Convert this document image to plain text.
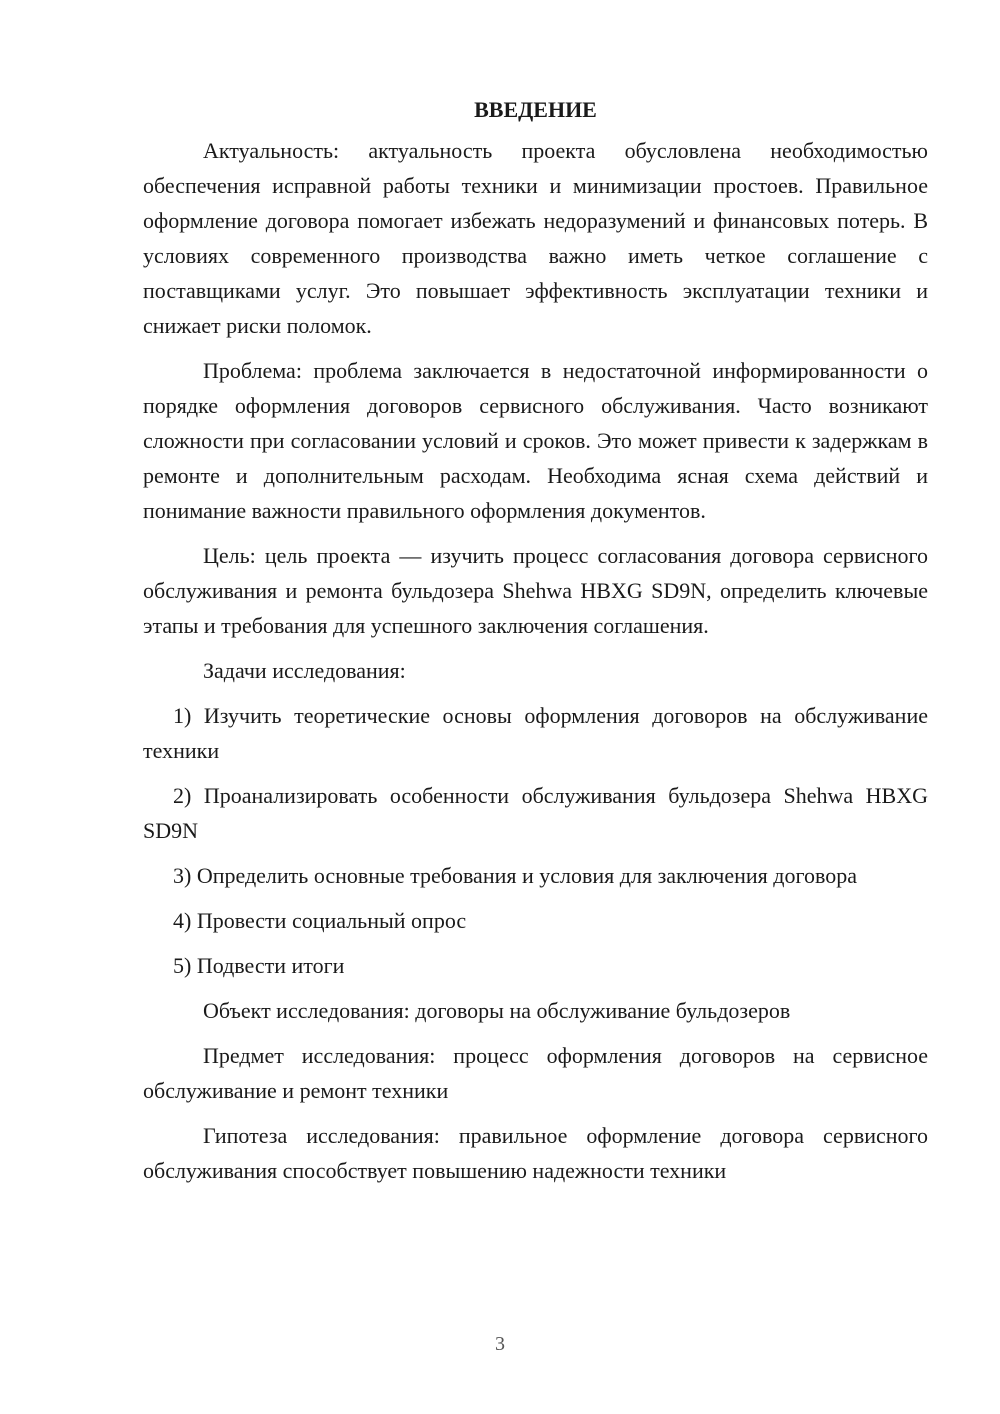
ВВЕДЕНИЕ

Актуальность: актуальность проекта обусловлена необходимостью обеспечения исправной работы техники и минимизации простоев. Правильное оформление договора помогает избежать недоразумений и финансовых потерь. В условиях современного производства важно иметь четкое соглашение с поставщиками услуг. Это повышает эффективность эксплуатации техники и снижает риски поломок.

Проблема: проблема заключается в недостаточной информированности о порядке оформления договоров сервисного обслуживания. Часто возникают сложности при согласовании условий и сроков. Это может привести к задержкам в ремонте и дополнительным расходам. Необходима ясная схема действий и понимание важности правильного оформления документов.

Цель: цель проекта — изучить процесс согласования договора сервисного обслуживания и ремонта бульдозера Shehwa HBXG SD9N, определить ключевые этапы и требования для успешного заключения соглашения.

Задачи исследования:

1) Изучить теоретические основы оформления договоров на обслуживание техники

2) Проанализировать особенности обслуживания бульдозера Shehwa HBXG SD9N

3) Определить основные требования и условия для заключения договора

4) Провести социальный опрос

5) Подвести итоги

Объект исследования: договоры на обслуживание бульдозеров

Предмет исследования: процесс оформления договоров на сервисное обслуживание и ремонт техники

Гипотеза исследования: правильное оформление договора сервисного обслуживания способствует повышению надежности техники

3
